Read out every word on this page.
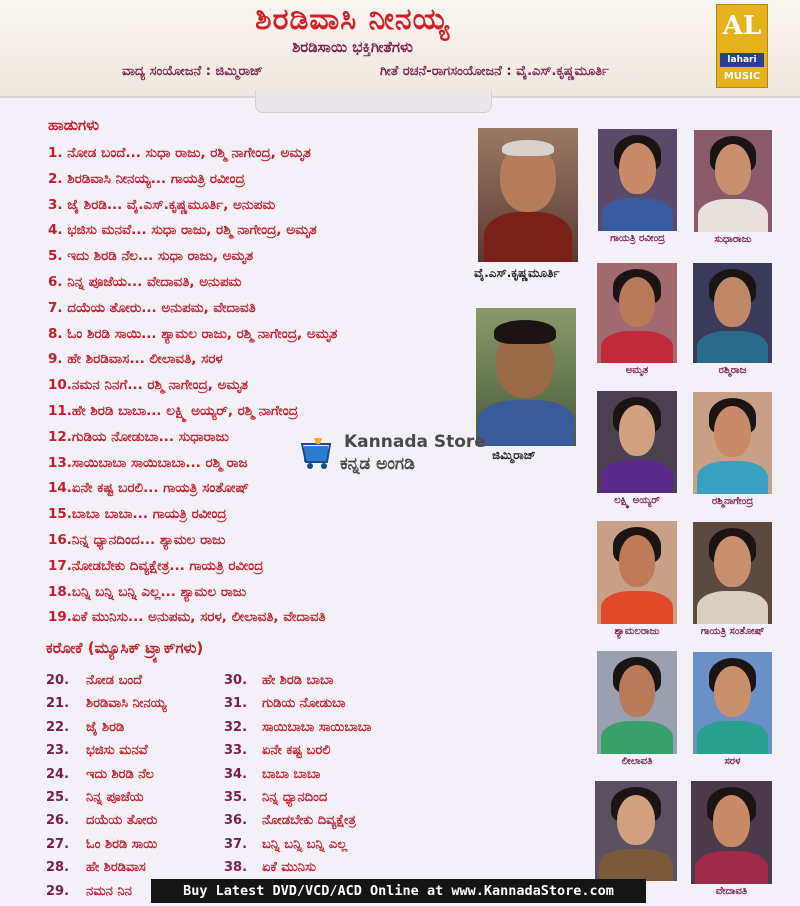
ಶಿರಡಿವಾಸಿ ನೀನಯ್ಯ
ಶಿರಡಿಸಾಯಿ ಭಕ್ತಿಗೀತೆಗಳು
ವಾದ್ಯ ಸಂಯೋಜನೆ : ಜಿಮ್ಮಿರಾಜ್	ಗೀತೆ ರಚನೆ-ರಾಗಸಂಯೋಜನೆ : ವೈ.ಎಸ್.ಕೃಷ್ಣಮೂರ್ತಿ
AL
lahari
MUSIC
ಹಾಡುಗಳು
1. ನೋಡ ಬಂದೆ... ಸುಧಾ ರಾಜು, ರಶ್ಮಿ ನಾಗೇಂದ್ರ, ಅಮೃತ
2. ಶಿರಡಿವಾಸಿ ನೀನಯ್ಯ... ಗಾಯತ್ರಿ ರವೀಂದ್ರ
3. ಜೈ ಶಿರಡಿ... ವೈ.ಎಸ್.ಕೃಷ್ಣಮೂರ್ತಿ, ಅನುಪಮ
4. ಭಜಿಸು ಮನವೆ... ಸುಧಾ ರಾಜು, ರಶ್ಮಿ ನಾಗೇಂದ್ರ, ಅಮೃತ
5. ಇದು ಶಿರಡಿ ನೆಲ... ಸುಧಾ ರಾಜು, ಅಮೃತ
6. ನಿನ್ನ ಪೂಜೆಯ... ವೇದಾವತಿ, ಅನುಪಮ
7. ದಯೆಯ ತೋರು... ಅನುಪಮ, ವೇದಾವತಿ
8. ಓಂ ಶಿರಡಿ ಸಾಯಿ... ಶ್ಯಾಮಲ ರಾಜು, ರಶ್ಮಿ ನಾಗೇಂದ್ರ, ಅಮೃತ
9. ಹೇ ಶಿರಡಿವಾಸ... ಲೀಲಾವತಿ, ಸರಳ
10.ನಮನ ನಿನಗೆ... ರಶ್ಮಿ ನಾಗೇಂದ್ರ, ಅಮೃತ
11.ಹೇ ಶಿರಡಿ ಬಾಬಾ... ಲಕ್ಷ್ಮಿ ಅಯ್ಯರ್, ರಶ್ಮಿ ನಾಗೇಂದ್ರ
12.ಗುಡಿಯ ನೋಡುಬಾ... ಸುಧಾರಾಜು
13.ಸಾಯಿಬಾಬಾ ಸಾಯಿಬಾಬಾ... ರಶ್ಮಿ ರಾಜ
14.ಏನೇ ಕಷ್ಟ ಬರಲಿ... ಗಾಯತ್ರಿ ಸಂತೋಷ್
15.ಬಾಬಾ ಬಾಬಾ... ಗಾಯತ್ರಿ ರವೀಂದ್ರ
16.ನಿನ್ನ ಧ್ಯಾನದಿಂದ... ಶ್ಯಾಮಲ ರಾಜು
17.ನೋಡಬೇಕು ದಿವ್ಯಕ್ಷೇತ್ರ... ಗಾಯತ್ರಿ ರವೀಂದ್ರ
18.ಬನ್ನಿ ಬನ್ನಿ ಬನ್ನಿ ಎಲ್ಲ... ಶ್ಯಾಮಲ ರಾಜು
19.ಏಕೆ ಮುನಿಸು... ಅನುಪಮ, ಸರಳ, ಲೀಲಾವತಿ, ವೇದಾವತಿ
ಕರೋಕೆ (ಮ್ಯೂಸಿಕ್ ಟ್ರ್ಯಾಕ್‌ಗಳು)
20. ನೋಡ ಬಂದೆ
21. ಶಿರಡಿವಾಸಿ ನೀನಯ್ಯ
22. ಜೈ ಶಿರಡಿ
23. ಭಜಿಸು ಮನವೆ
24. ಇದು ಶಿರಡಿ ನೆಲ
25. ನಿನ್ನ ಪೂಜೆಯ
26. ದಯೆಯ ತೋರು
27. ಓಂ ಶಿರಡಿ ಸಾಯಿ
28. ಹೇ ಶಿರಡಿವಾಸ
29. ನಮನ ನಿನ
30. ಹೇ ಶಿರಡಿ ಬಾಬಾ
31. ಗುಡಿಯ ನೋಡುಬಾ
32. ಸಾಯಿಬಾಬಾ ಸಾಯಿಬಾಬಾ
33. ಏನೇ ಕಷ್ಟ ಬರಲಿ
34. ಬಾಬಾ ಬಾಬಾ
35. ನಿನ್ನ ಧ್ಯಾನದಿಂದ
36. ನೋಡಬೇಕು ದಿವ್ಯಕ್ಷೇತ್ರ
37. ಬನ್ನಿ ಬನ್ನಿ ಬನ್ನಿ ಎಲ್ಲ
38. ಏಕೆ ಮುನಿಸು
ವೈ.ಎಸ್.ಕೃಷ್ಣಮೂರ್ತಿ
ಜಿಮ್ಮಿರಾಜ್
ಗಾಯತ್ರಿ ರವೀಂದ್ರ	ಸುಧಾರಾಜು
ಅಮೃತ	ರಶ್ಮಿರಾಜ
ಲಕ್ಷ್ಮಿ ಅಯ್ಯರ್	ರಶ್ಮಿನಾಗೇಂದ್ರ
ಶ್ಯಾಮಲರಾಜು	ಗಾಯತ್ರಿ ಸಂತೋಷ್
ಲೀಲಾವತಿ	ಸರಳ
ವೇದಾವತಿ
Kannada Store
ಕನ್ನಡ ಅಂಗಡಿ
Buy Latest DVD/VCD/ACD Online at www.KannadaStore.com
